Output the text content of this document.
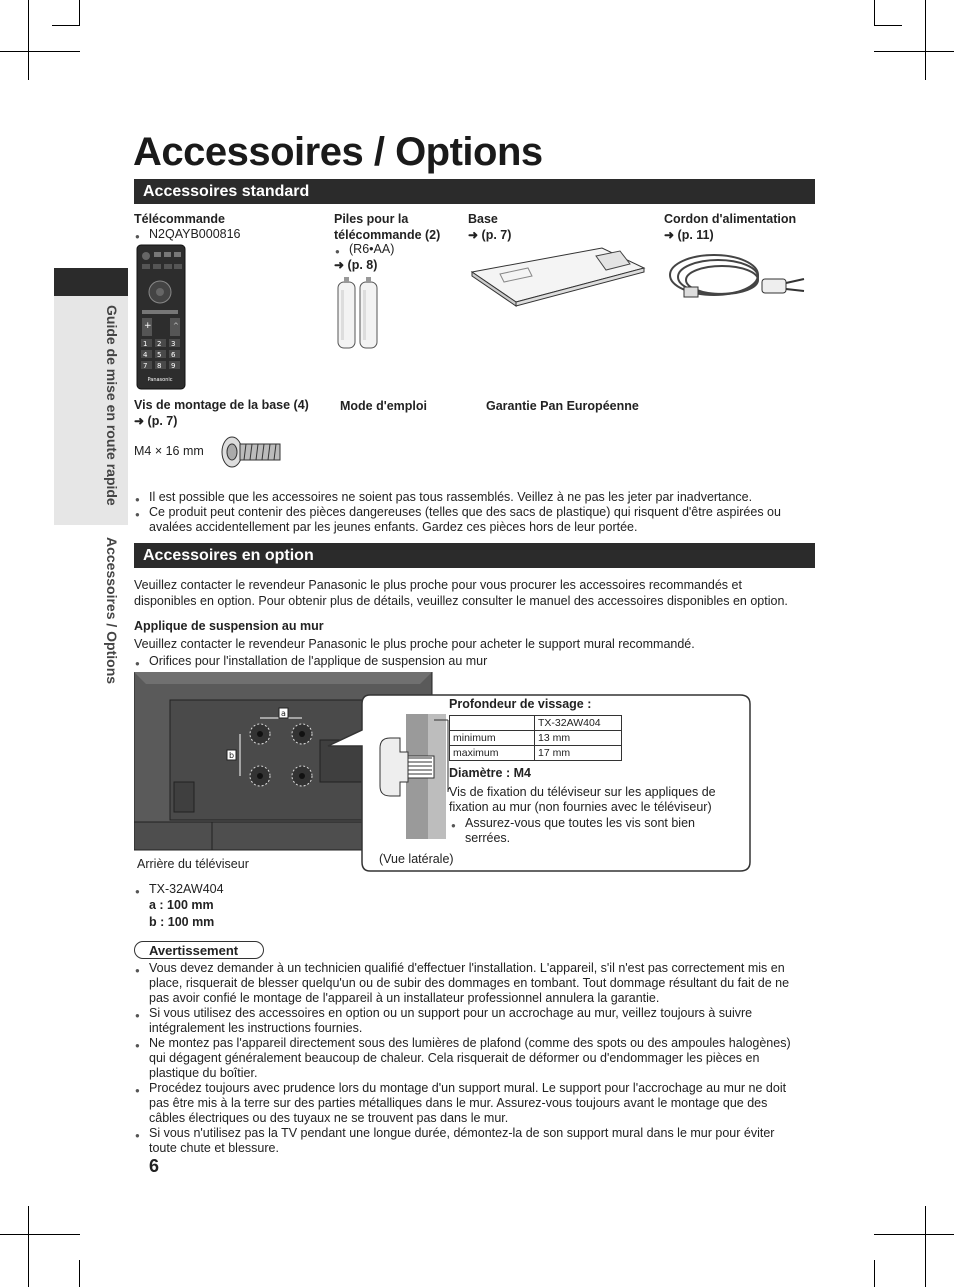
Guide de mise en route rapide
Accessoires / Options
Accessoires / Options
Accessoires standard
Télécommande
● N2QAYB000816
+	^
1 2 3
4 5 6
7 8 9
Panasonic
Piles pour la
télécommande (2)
● (R6•AA)
➜ (p. 8)
Base
➜ (p. 7)
Cordon d'alimentation
➜ (p. 11)
Vis de montage de la base (4)
➜ (p. 7)
M4 × 16 mm
Mode d'emploi	Garantie Pan Européenne
● Il est possible que les accessoires ne soient pas tous rassemblés. Veillez à ne pas les jeter par inadvertance.
● Ce produit peut contenir des pièces dangereuses (telles que des sacs de plastique) qui risquent d'être aspirées ou
avalées accidentellement par les jeunes enfants. Gardez ces pièces hors de leur portée.
Accessoires en option
Veuillez contacter le revendeur Panasonic le plus proche pour vous procurer les accessoires recommandés et
disponibles en option. Pour obtenir plus de détails, veuillez consulter le manuel des accessoires disponibles en option.
Applique de suspension au mur
Veuillez contacter le revendeur Panasonic le plus proche pour acheter le support mural recommandé.
● Orifices pour l'installation de l'applique de suspension au mur
a
b
Arrière du téléviseur
Profondeur de vissage :
	TX-32AW404
minimum	13 mm
maximum	17 mm
Diamètre : M4
Vis de fixation du téléviseur sur les appliques de
fixation au mur (non fournies avec le téléviseur)
● Assurez-vous que toutes les vis sont bien
serrées.
(Vue latérale)
● TX-32AW404
a : 100 mm
b : 100 mm
Avertissement
● Vous devez demander à un technicien qualifié d'effectuer l'installation. L'appareil, s'il n'est pas correctement mis en
place, risquerait de blesser quelqu'un ou de subir des dommages en tombant. Tout dommage résultant du fait de ne
pas avoir confié le montage de l'appareil à un installateur professionnel annulera la garantie.
● Si vous utilisez des accessoires en option ou un support pour un accrochage au mur, veillez toujours à suivre
intégralement les instructions fournies.
● Ne montez pas l'appareil directement sous des lumières de plafond (comme des spots ou des ampoules halogènes)
qui dégagent généralement beaucoup de chaleur. Cela risquerait de déformer ou d'endommager les pièces en
plastique du boîtier.
● Procédez toujours avec prudence lors du montage d'un support mural. Le support pour l'accrochage au mur ne doit
pas être mis à la terre sur des parties métalliques dans le mur. Assurez-vous toujours avant le montage que des
câbles électriques ou des tuyaux ne se trouvent pas dans le mur.
● Si vous n'utilisez pas la TV pendant une longue durée, démontez-la de son support mural dans le mur pour éviter
toute chute et blessure.
6
